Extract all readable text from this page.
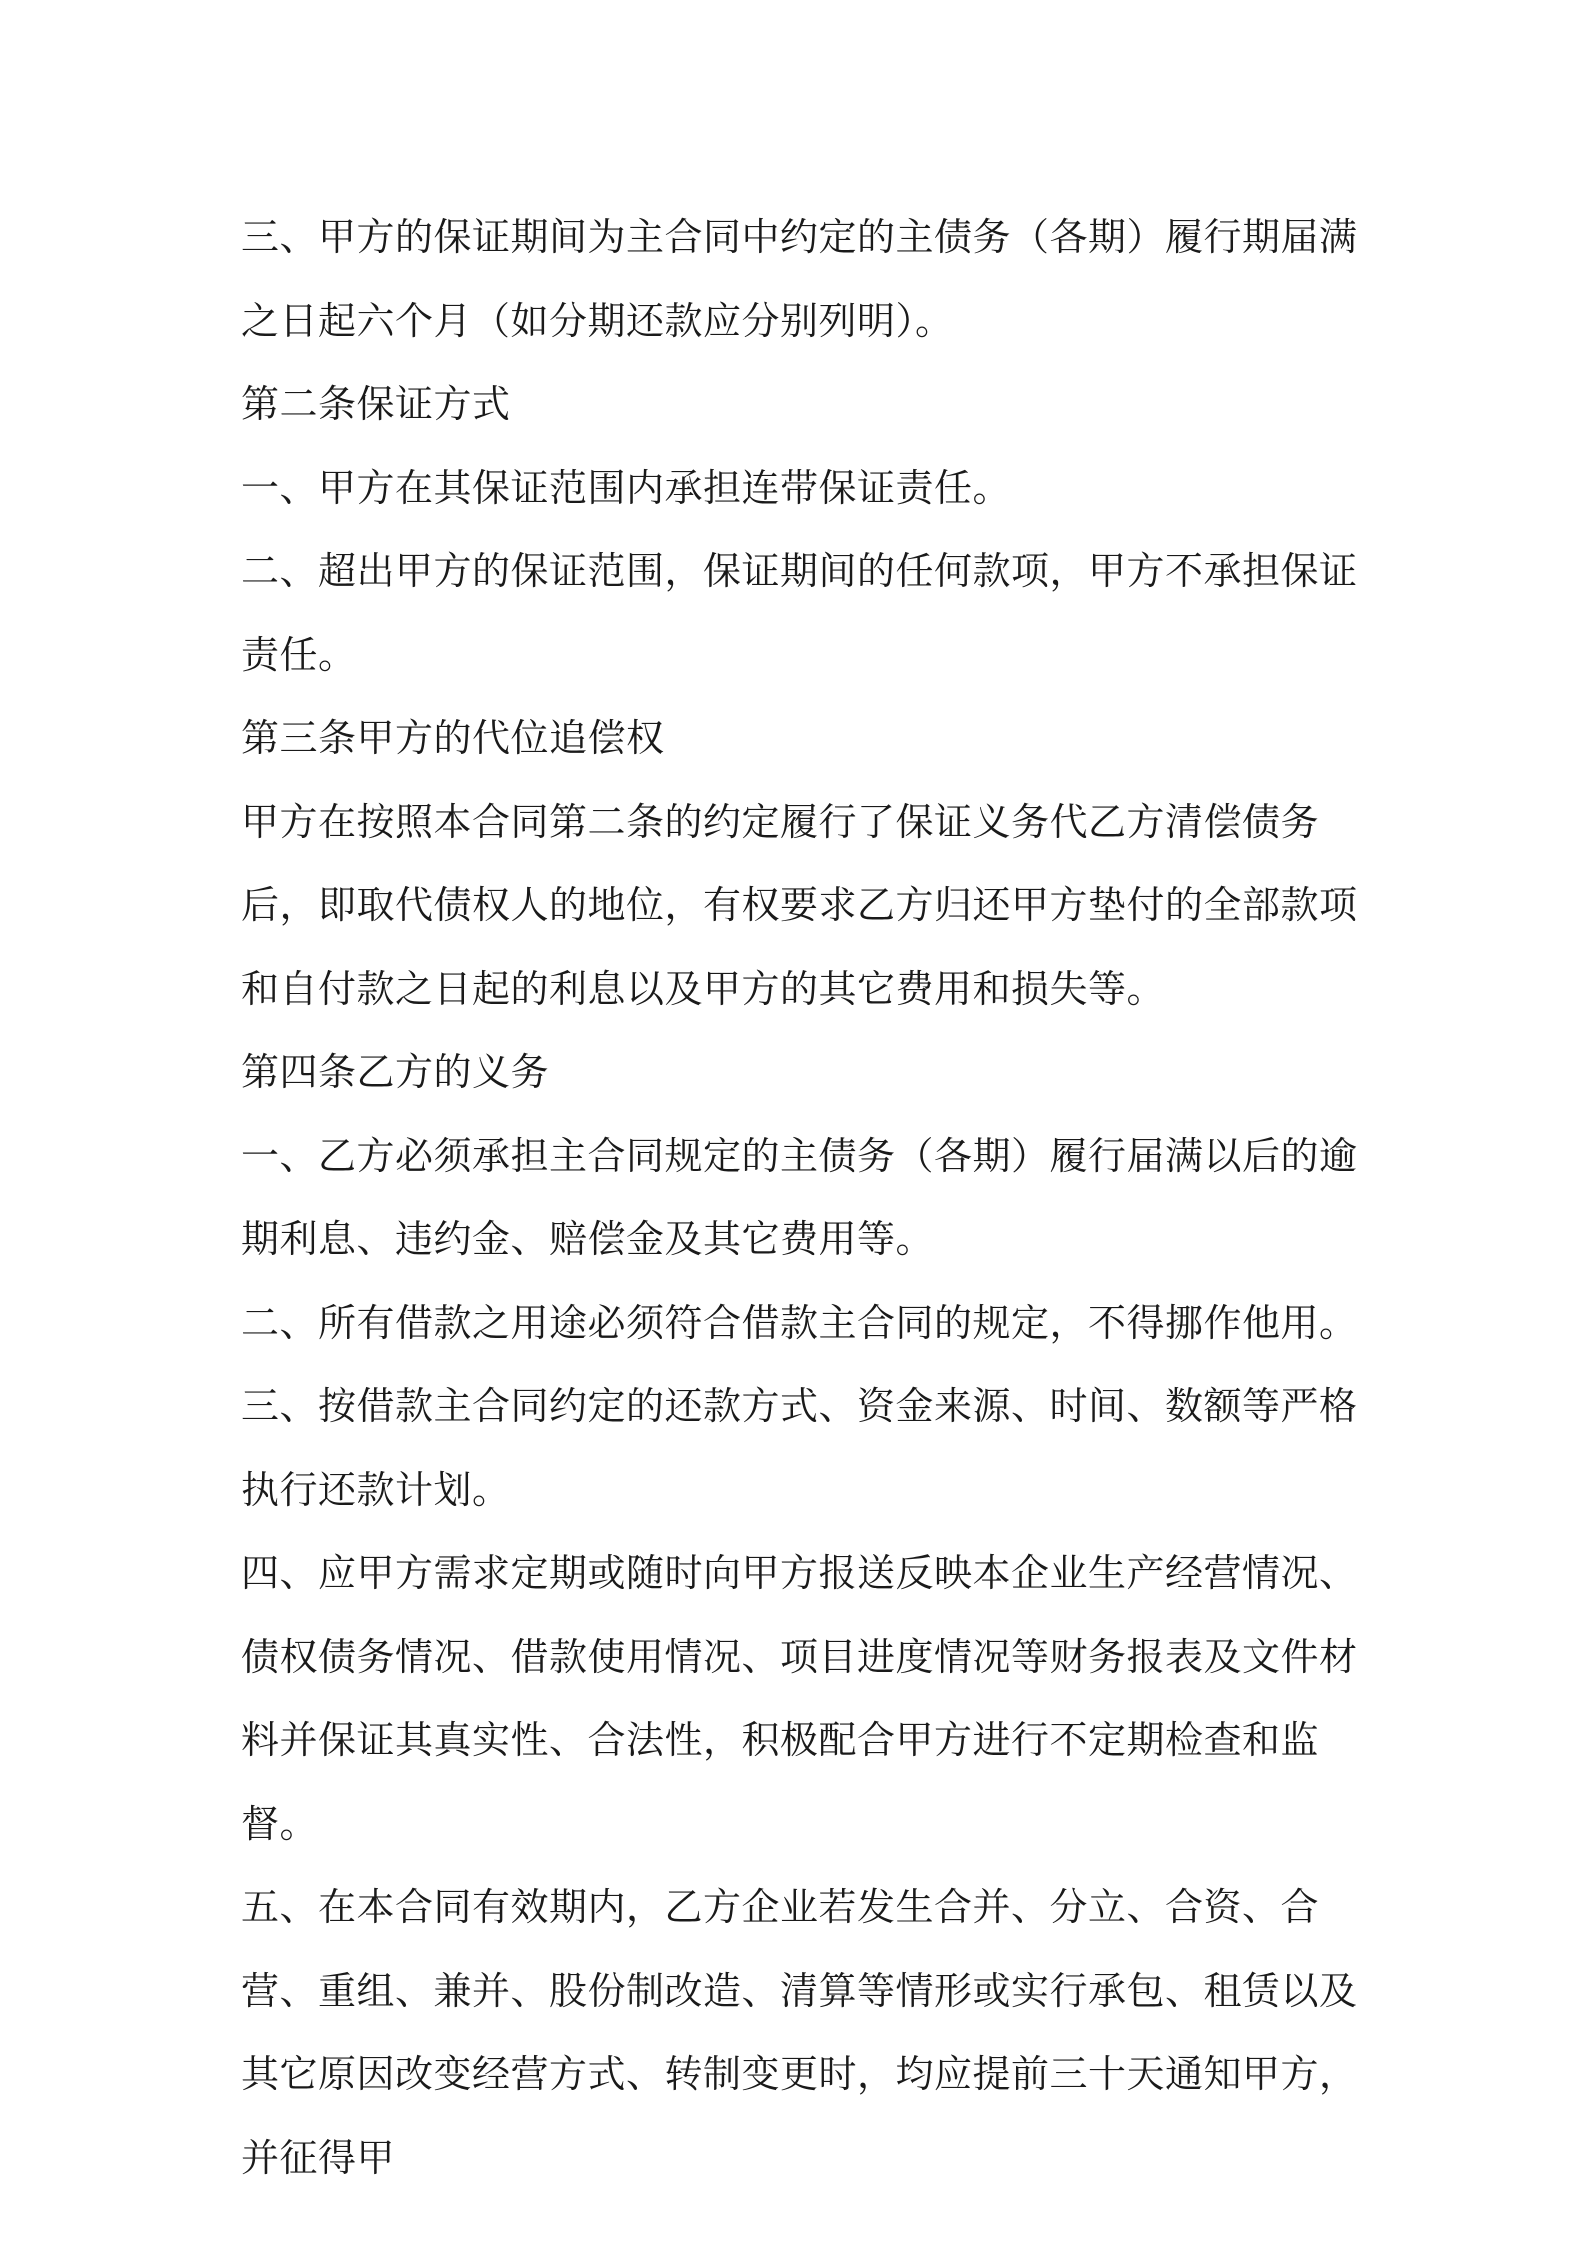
三、甲方的保证期间为主合同中约定的主债务（各期）履行期届满之日起六个月（如分期还款应分别列明）。

第二条保证方式

一、甲方在其保证范围内承担连带保证责任。

二、超出甲方的保证范围，保证期间的任何款项，甲方不承担保证责任。

第三条甲方的代位追偿权

甲方在按照本合同第二条的约定履行了保证义务代乙方清偿债务后，即取代债权人的地位，有权要求乙方归还甲方垫付的全部款项和自付款之日起的利息以及甲方的其它费用和损失等。

第四条乙方的义务

一、乙方必须承担主合同规定的主债务（各期）履行届满以后的逾期利息、违约金、赔偿金及其它费用等。

二、所有借款之用途必须符合借款主合同的规定，不得挪作他用。

三、按借款主合同约定的还款方式、资金来源、时间、数额等严格执行还款计划。

四、应甲方需求定期或随时向甲方报送反映本企业生产经营情况、债权债务情况、借款使用情况、项目进度情况等财务报表及文件材料并保证其真实性、合法性，积极配合甲方进行不定期检查和监督。

五、在本合同有效期内，乙方企业若发生合并、分立、合资、合营、重组、兼并、股份制改造、清算等情形或实行承包、租赁以及其它原因改变经营方式、转制变更时，均应提前三十天通知甲方，并征得甲
